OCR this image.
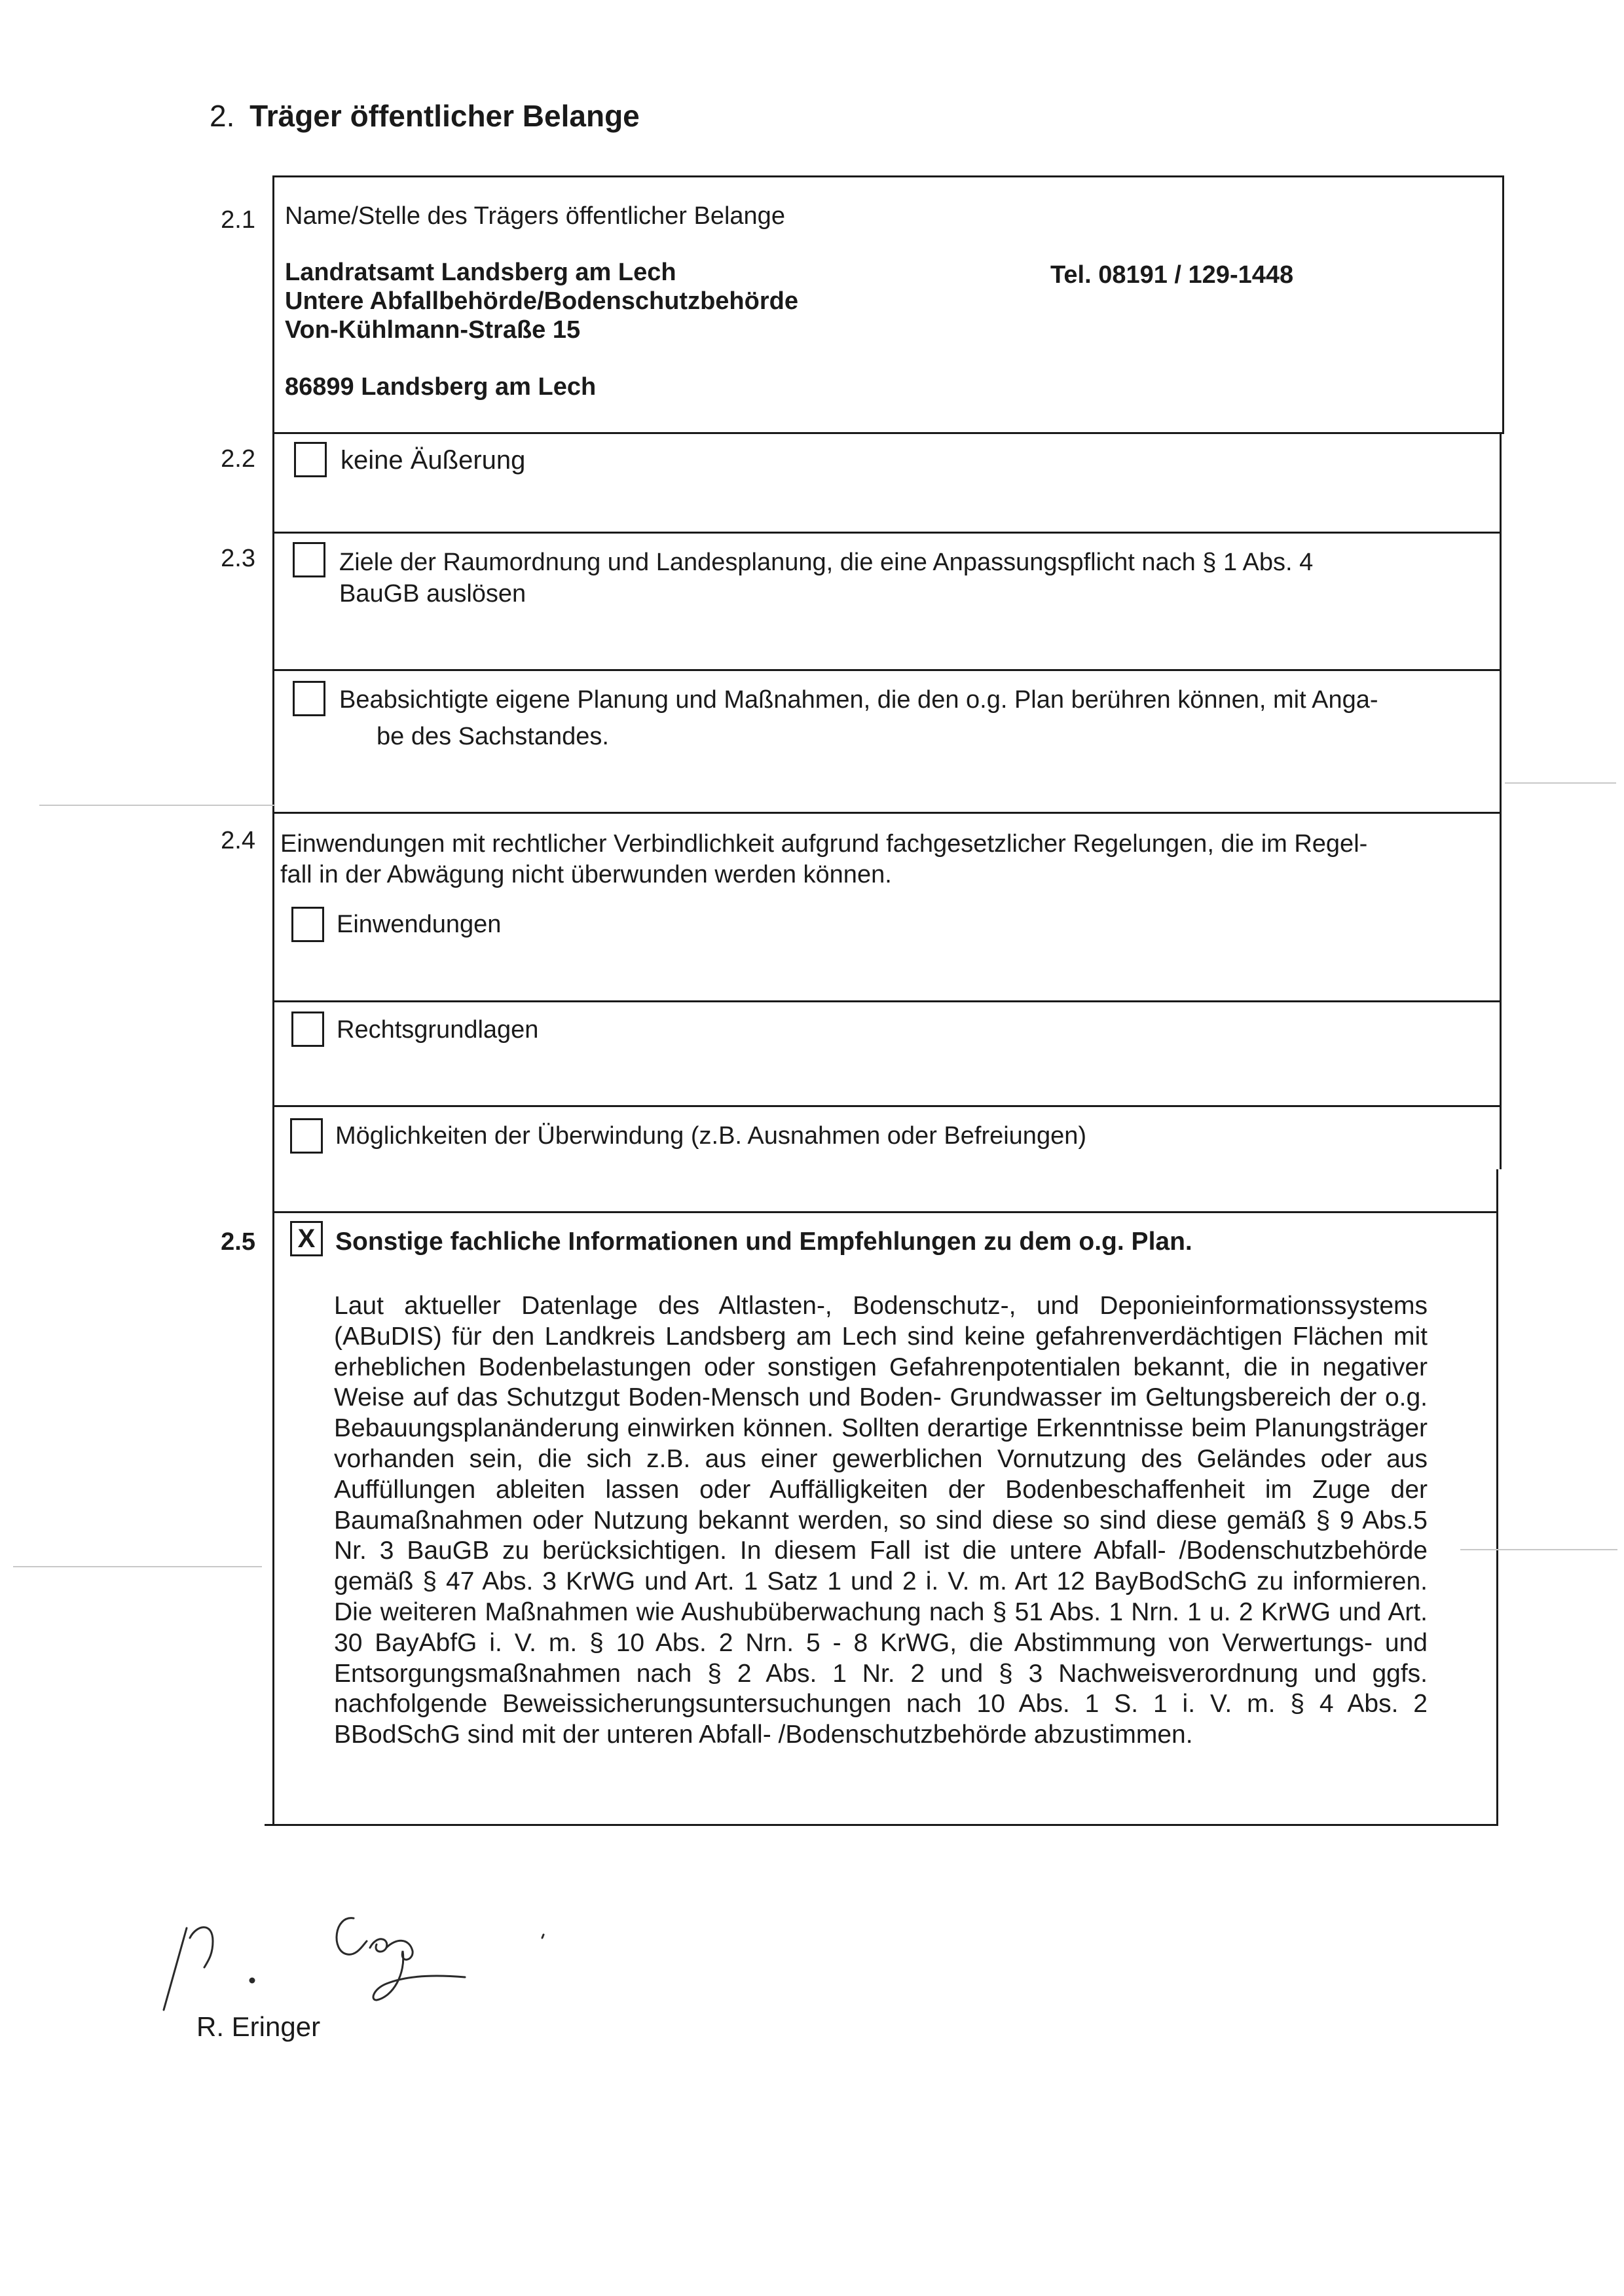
2. Träger öffentlicher Belange
2.1
2.2
2.3
2.4
2.5
Name/Stelle des Trägers öffentlicher Belange
Landratsamt Landsberg am Lech
Untere Abfallbehörde/Bodenschutzbehörde
Von-Kühlmann-Straße 15
86899 Landsberg am Lech
Tel. 08191 / 129-1448
keine Äußerung
Ziele der Raumordnung und Landesplanung, die eine Anpassungspflicht nach § 1 Abs. 4
BauGB auslösen
Beabsichtigte eigene Planung und Maßnahmen, die den o.g. Plan berühren können, mit Anga-
be des Sachstandes.
Einwendungen mit rechtlicher Verbindlichkeit aufgrund fachgesetzlicher Regelungen, die im Regel-
fall in der Abwägung nicht überwunden werden können.
Einwendungen
Rechtsgrundlagen
Möglichkeiten der Überwindung (z.B. Ausnahmen oder Befreiungen)
X Sonstige fachliche Informationen und Empfehlungen zu dem o.g. Plan.
Laut aktueller Datenlage des Altlasten-, Bodenschutz-, und Deponieinformationssystems (ABuDIS) für den Landkreis Landsberg am Lech sind keine gefahrenverdächtigen Flächen mit erheblichen Bodenbelastungen oder sonstigen Gefahrenpotentialen bekannt, die in negativer Weise auf das Schutzgut Boden-Mensch und Boden- Grundwasser im Geltungsbereich der o.g. Bebauungsplanänderung einwirken können. Sollten derartige Erkenntnisse beim Planungsträger vorhanden sein, die sich z.B. aus einer gewerblichen Vornutzung des Geländes oder aus Auffüllungen ableiten lassen oder Auffälligkeiten der Bodenbeschaffenheit im Zuge der Baumaßnahmen oder Nutzung bekannt werden, so sind diese so sind diese gemäß § 9 Abs.5 Nr. 3 BauGB zu berücksichtigen. In diesem Fall ist die untere Abfall- /Bodenschutzbehörde gemäß § 47 Abs. 3 KrWG und Art. 1 Satz 1 und 2 i. V. m. Art 12 BayBodSchG zu informieren. Die weiteren Maßnahmen wie Aushubüberwachung nach § 51 Abs. 1 Nrn. 1 u. 2 KrWG und Art. 30 BayAbfG i. V. m. § 10 Abs. 2 Nrn. 5 - 8 KrWG, die Abstimmung von Verwertungs- und Entsorgungsmaßnahmen nach § 2 Abs. 1 Nr. 2 und § 3 Nachweisverordnung und ggfs. nachfolgende Beweissicherungsuntersuchungen nach 10 Abs. 1 S. 1 i. V. m. § 4 Abs. 2 BBodSchG sind mit der unteren Abfall- /Bodenschutzbehörde abzustimmen.
R. Eringer
